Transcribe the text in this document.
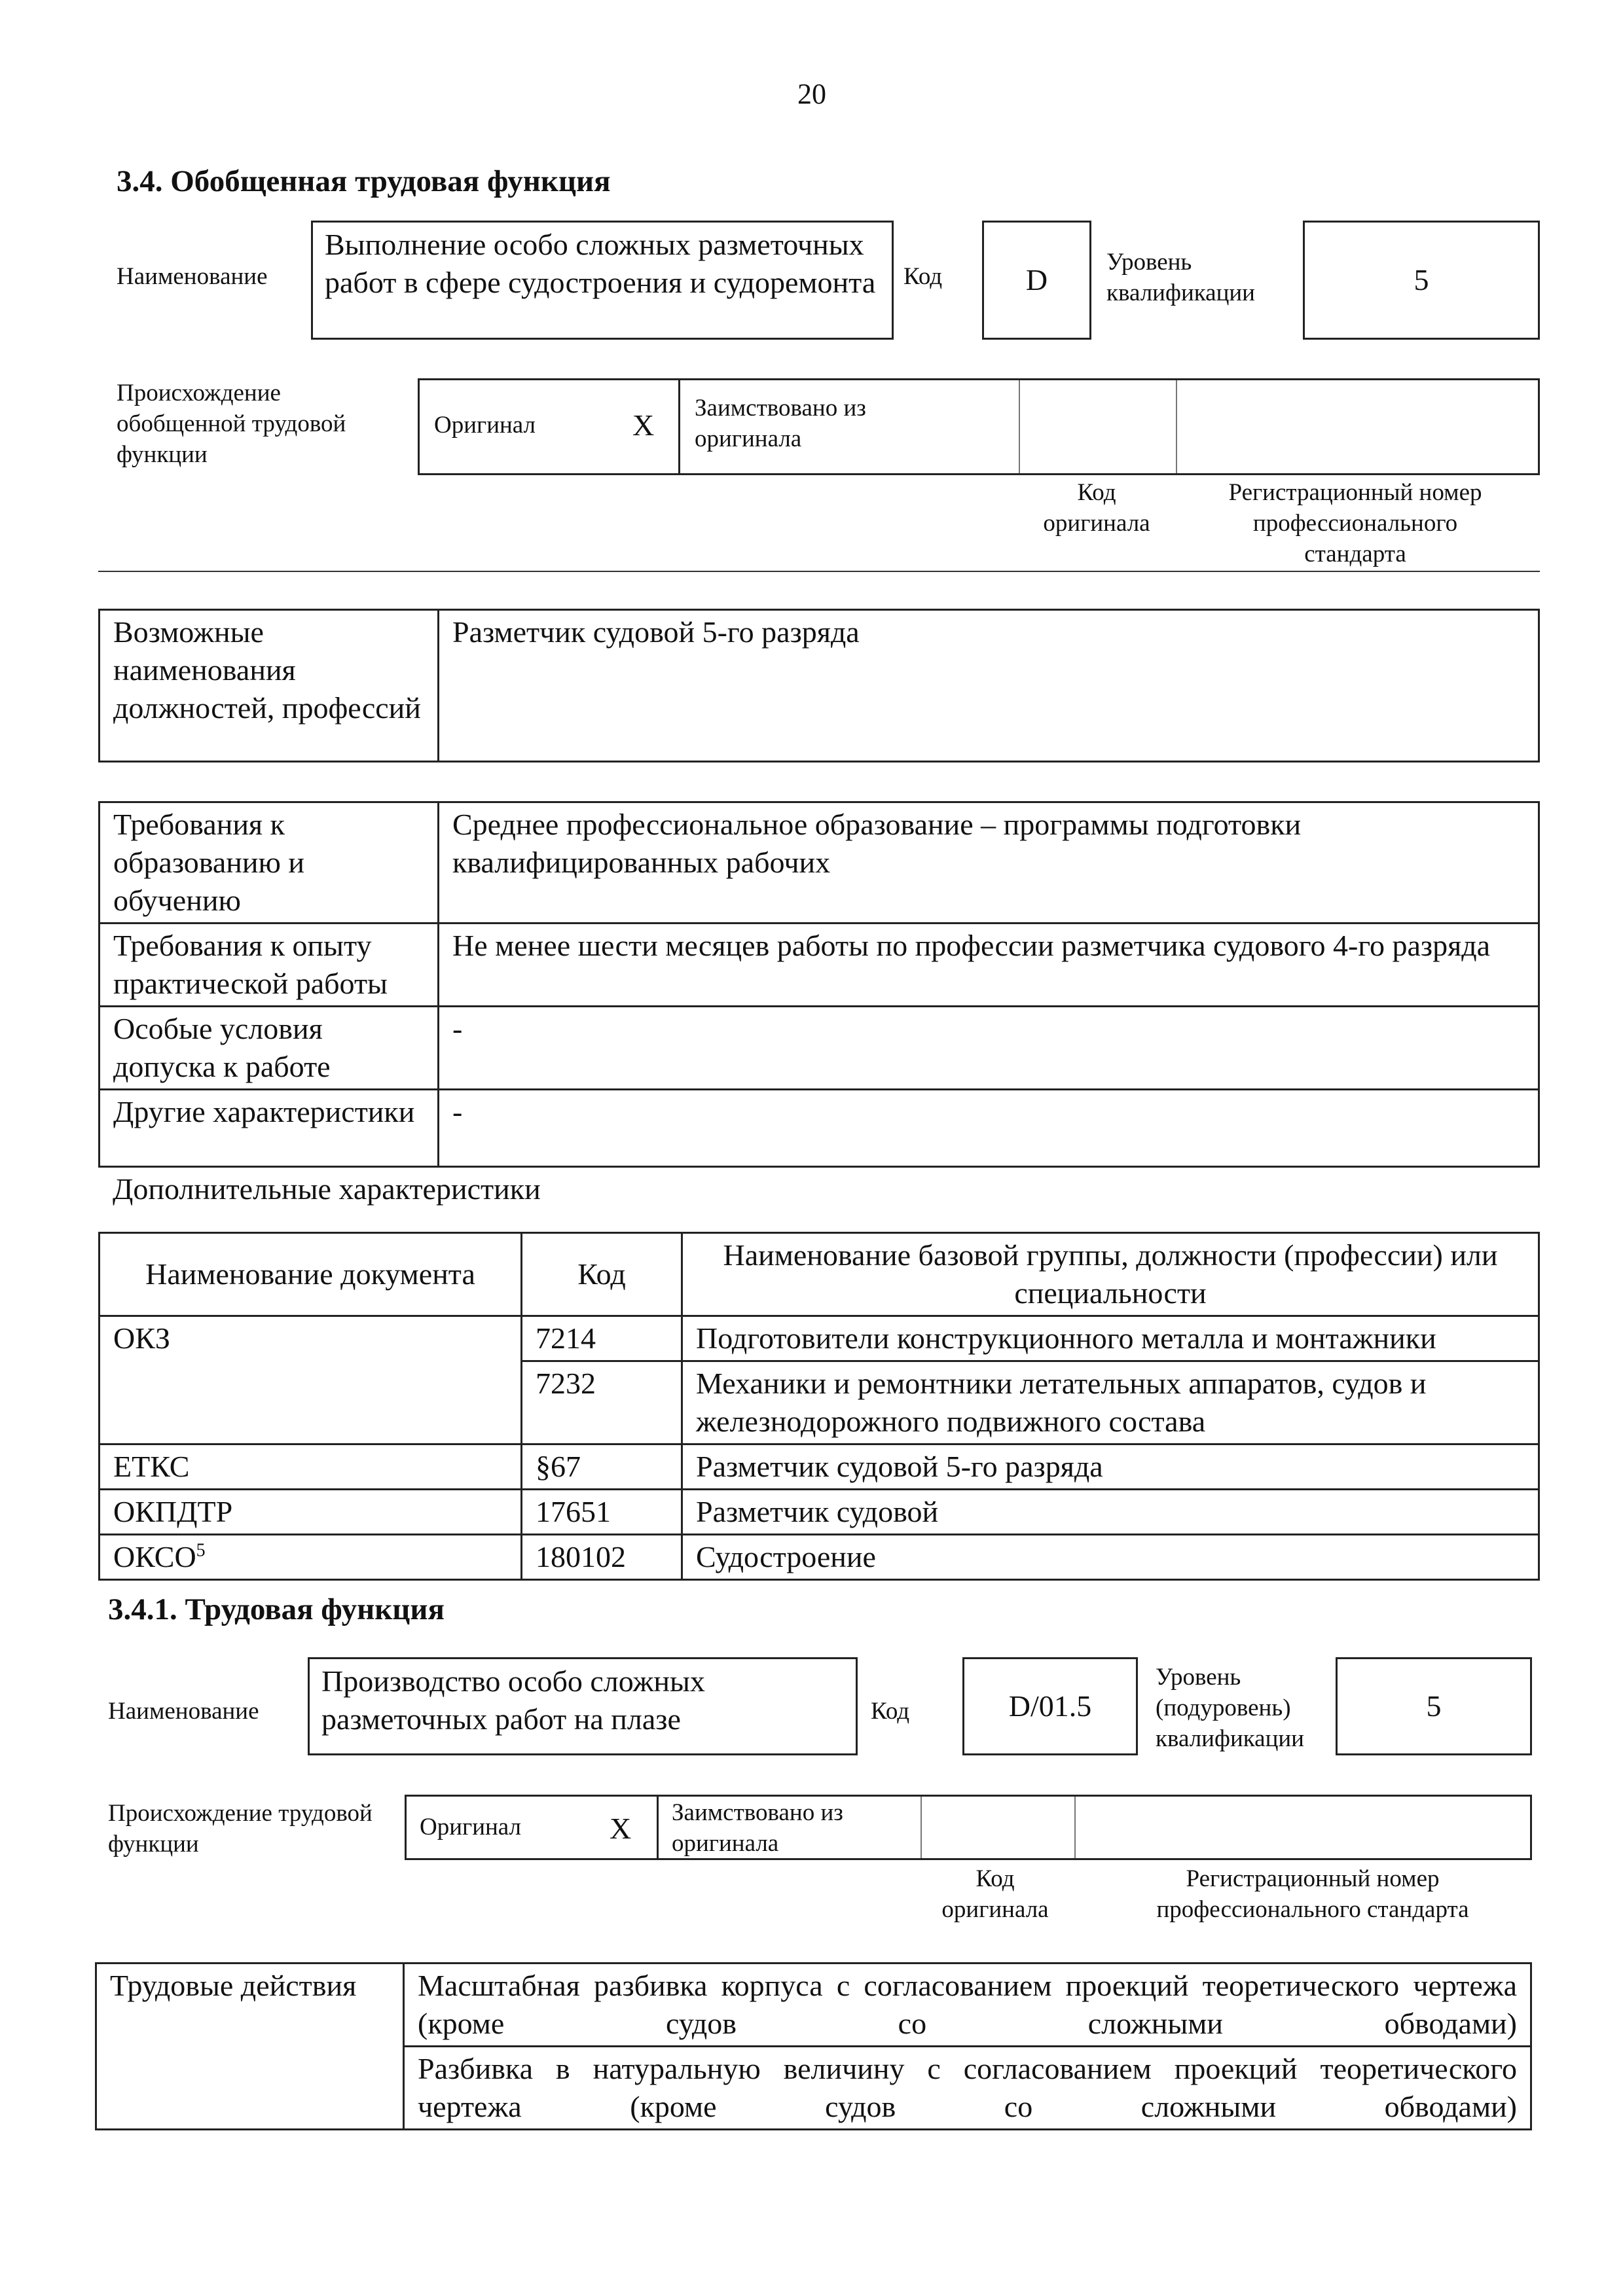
20
3.4. Обобщенная трудовая функция
Наименование
Выполнение особо сложных разметочных работ в сфере судостроения и судоремонта	Код	D
Уровень квалификации	5
Происхождение обобщенной трудовой функции
Оригинал	X
Заимствовано из оригинала
Код оригинала
Регистрационный номер профессионального стандарта
Возможные наименования должностей, профессий	Разметчик судовой 5-го разряда
Требования к образованию и обучению	Среднее профессиональное образование – программы подготовки квалифицированных рабочих
Требования к опыту практической работы	Не менее шести месяцев работы по профессии разметчика судового 4-го разряда
Особые условия допуска к работе	-
Другие характеристики	-
Дополнительные характеристики
Наименование документа	Код	Наименование базовой группы, должности (профессии) или специальности
ОКЗ	7214	Подготовители конструкционного металла и монтажники
	7232	Механики и ремонтники летательных аппаратов, судов и железнодорожного подвижного состава
ЕТКС	§67	Разметчик судовой 5-го разряда
ОКПДТР	17651	Разметчик судовой
ОКСО$^5$	180102	Судостроение
3.4.1. Трудовая функция
Наименование
Производство особо сложных разметочных работ на плазе	Код	D/01.5
Уровень (подуровень) квалификации
5
Происхождение трудовой функции
Оригинал	X Заимствовано из оригинала
Код оригинала
Регистрационный номер профессионального стандарта
Трудовые действия	Масштабная разбивка корпуса с согласованием проекций теоретического чертежа (кроме судов со сложными обводами)
Разбивка в натуральную величину с согласованием проекций теоретического чертежа (кроме судов со сложными обводами)
